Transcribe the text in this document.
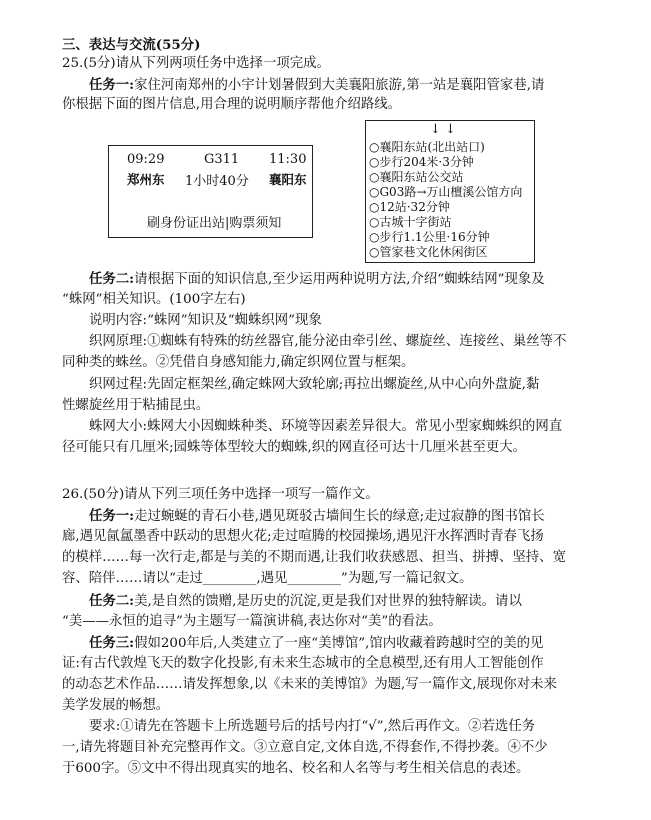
三、表达与交流(55分)
25.(5分)请从下列两项任务中选择一项完成。
任务一:家住河南郑州的小宇计划暑假到大美襄阳旅游,第一站是襄阳管家巷,请
你根据下面的图片信息,用合理的说明顺序帮他介绍路线。
09:29	G311 11:30
郑州东 1小时40分 襄阳东
刷身份证出站|购票须知
↓ ↓
○襄阳东站(北出站口)
○步行204米·3分钟
○襄阳东站公交站
○G03路→万山檀溪公馆方向
○12站·32分钟
○古城十字街站
○步行1.1公里·16分钟
○管家巷文化休闲街区
任务二:请根据下面的知识信息,至少运用两种说明方法,介绍“蜘蛛结网”现象及
“蛛网”相关知识。(100字左右)
说明内容:“蛛网”知识及“蜘蛛织网”现象
织网原理:①蜘蛛有特殊的纺丝器官,能分泌由牵引丝、螺旋丝、连接丝、巢丝等不
同种类的蛛丝。②凭借自身感知能力,确定织网位置与框架。
织网过程:先固定框架丝,确定蛛网大致轮廓;再拉出螺旋丝,从中心向外盘旋,黏
性螺旋丝用于粘捕昆虫。
蛛网大小:蛛网大小因蜘蛛种类、环境等因素差异很大。常见小型家蜘蛛织的网直
径可能只有几厘米;园蛛等体型较大的蜘蛛,织的网直径可达十几厘米甚至更大。
26.(50分)请从下列三项任务中选择一项写一篇作文。
任务一:走过蜿蜒的青石小巷,遇见斑驳古墙间生长的绿意;走过寂静的图书馆长
廊,遇见氤氲墨香中跃动的思想火花;走过喧腾的校园操场,遇见汗水挥洒时青春飞扬
的模样……每一次行走,都是与美的不期而遇,让我们收获感恩、担当、拼搏、坚持、宽
容、陪伴……请以“走过________,遇见________”为题,写一篇记叙文。
任务二:美,是自然的馈赠,是历史的沉淀,更是我们对世界的独特解读。请以
“美——永恒的追寻”为主题写一篇演讲稿,表达你对“美”的看法。
任务三:假如200年后,人类建立了一座“美博馆”,馆内收藏着跨越时空的美的见
证:有古代敦煌飞天的数字化投影,有未来生态城市的全息模型,还有用人工智能创作
的动态艺术作品……请发挥想象,以《未来的美博馆》为题,写一篇作文,展现你对未来
美学发展的畅想。
要求:①请先在答题卡上所选题号后的括号内打“√”,然后再作文。②若选任务
一,请先将题目补充完整再作文。③立意自定,文体自选,不得套作,不得抄袭。④不少
于600字。⑤文中不得出现真实的地名、校名和人名等与考生相关信息的表述。
